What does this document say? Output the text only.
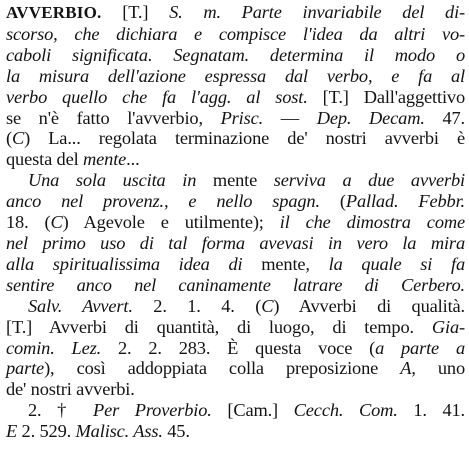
AVVERBIO. [T.] S. m. Parte invariabile del di-
scorso, che dichiara e compisce l'idea da altri vo-
caboli significata. Segnatam. determina il modo o
la misura dell'azione espressa dal verbo, e fa al
verbo quello che fa l'agg. al sost. [T.] Dall'aggettivo
se n'è fatto l'avverbio, Prisc. — Dep. Decam. 47.
(C) La... regolata terminazione de' nostri avverbi è
questa del mente...
Una sola uscita in mente serviva a due avverbi
anco nel provenz., e nello spagn. (Pallad. Febbr.
18. (C) Agevole e utilmente); il che dimostra come
nel primo uso di tal forma avevasi in vero la mira
alla spiritualissima idea di mente, la quale si fa
sentire anco nel caninamente latrare di Cerbero.
Salv. Avvert. 2. 1. 4. (C) Avverbi di qualità.
[T.] Avverbi di quantità, di luogo, di tempo. Gia-
comin. Lez. 2. 2. 283. È questa voce (a parte a
parte), così addoppiata colla preposizione A, uno
de' nostri avverbi.
2. † Per Proverbio. [Cam.] Cecch. Com. 1. 41.
E 2. 529. Malisc. Ass. 45.
